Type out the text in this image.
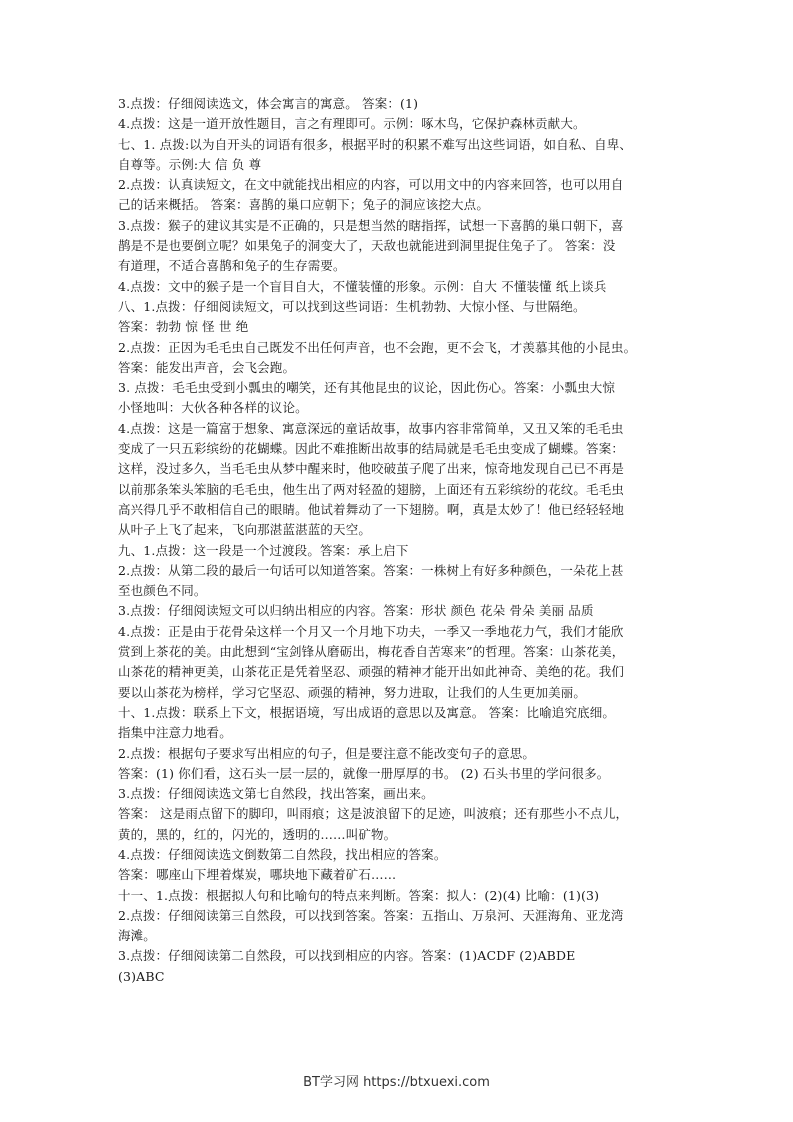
3.点拨：仔细阅读选文，体会寓言的寓意。 答案：(1)
4.点拨：这是一道开放性题目，言之有理即可。示例：啄木鸟，它保护森林贡献大。
七、1. 点拨:以为自开头的词语有很多，根据平时的积累不难写出这些词语，如自私、自卑、
自尊等。示例:大 信 负 尊
2.点拨：认真读短文，在文中就能找出相应的内容，可以用文中的内容来回答，也可以用自
己的话来概括。 答案：喜鹊的巢口应朝下；兔子的洞应该挖大点。
3.点拨：猴子的建议其实是不正确的，只是想当然的瞎指挥，试想一下喜鹊的巢口朝下，喜
鹊是不是也要倒立呢？如果兔子的洞变大了，天敌也就能进到洞里捉住兔子了。 答案：没
有道理，不适合喜鹊和兔子的生存需要。
4.点拨：文中的猴子是一个盲目自大，不懂装懂的形象。示例：自大 不懂装懂 纸上谈兵
八、1.点拨：仔细阅读短文，可以找到这些词语：生机勃勃、大惊小怪、与世隔绝。
答案：勃勃 惊 怪 世 绝
2.点拨：正因为毛毛虫自己既发不出任何声音，也不会跑，更不会飞，才羡慕其他的小昆虫。
答案：能发出声音，会飞会跑。
3. 点拨：毛毛虫受到小瓢虫的嘲笑，还有其他昆虫的议论，因此伤心。答案：小瓢虫大惊
小怪地叫：大伙各种各样的议论。
4.点拨：这是一篇富于想象、寓意深远的童话故事，故事内容非常简单，又丑又笨的毛毛虫
变成了一只五彩缤纷的花蝴蝶。因此不难推断出故事的结局就是毛毛虫变成了蝴蝶。答案：
这样，没过多久，当毛毛虫从梦中醒来时，他咬破茧子爬了出来，惊奇地发现自己已不再是
以前那条笨头笨脑的毛毛虫，他生出了两对轻盈的翅膀，上面还有五彩缤纷的花纹。毛毛虫
高兴得几乎不敢相信自己的眼睛。他试着舞动了一下翅膀。啊，真是太妙了！他已经轻轻地
从叶子上飞了起来，飞向那湛蓝湛蓝的天空。
九、1.点拨：这一段是一个过渡段。答案：承上启下
2.点拨：从第二段的最后一句话可以知道答案。答案：一株树上有好多种颜色，一朵花上甚
至也颜色不同。
3.点拨：仔细阅读短文可以归纳出相应的内容。答案：形状 颜色 花朵 骨朵 美丽 品质
4.点拨：正是由于花骨朵这样一个月又一个月地下功夫，一季又一季地花力气，我们才能欣
赏到上茶花的美。由此想到“宝剑锋从磨砺出，梅花香自苦寒来”的哲理。答案：山茶花美，
山茶花的精神更美，山茶花正是凭着坚忍、顽强的精神才能开出如此神奇、美绝的花。我们
要以山茶花为榜样，学习它坚忍、顽强的精神，努力进取，让我们的人生更加美丽。
十、1.点拨：联系上下文，根据语境，写出成语的意思以及寓意。 答案：比喻追究底细。
指集中注意力地看。
2.点拨：根据句子要求写出相应的句子，但是要注意不能改变句子的意思。
答案：(1) 你们看，这石头一层一层的，就像一册厚厚的书。 (2) 石头书里的学问很多。
3.点拨：仔细阅读选文第七自然段，找出答案，画出来。
答案： 这是雨点留下的脚印，叫雨痕；这是波浪留下的足迹，叫波痕；还有那些小不点儿，
黄的，黑的，红的，闪光的，透明的……叫矿物。
4.点拨：仔细阅读选文倒数第二自然段，找出相应的答案。
答案：哪座山下埋着煤炭，哪块地下藏着矿石……
十一、1.点拨：根据拟人句和比喻句的特点来判断。答案：拟人：(2)(4) 比喻：(1)(3)
2.点拨：仔细阅读第三自然段，可以找到答案。答案：五指山、万泉河、天涯海角、亚龙湾
海滩。
3.点拨：仔细阅读第二自然段，可以找到相应的内容。答案：(1)ACDF (2)ABDE
(3)ABC
BT学习网 https://btxuexi.com
